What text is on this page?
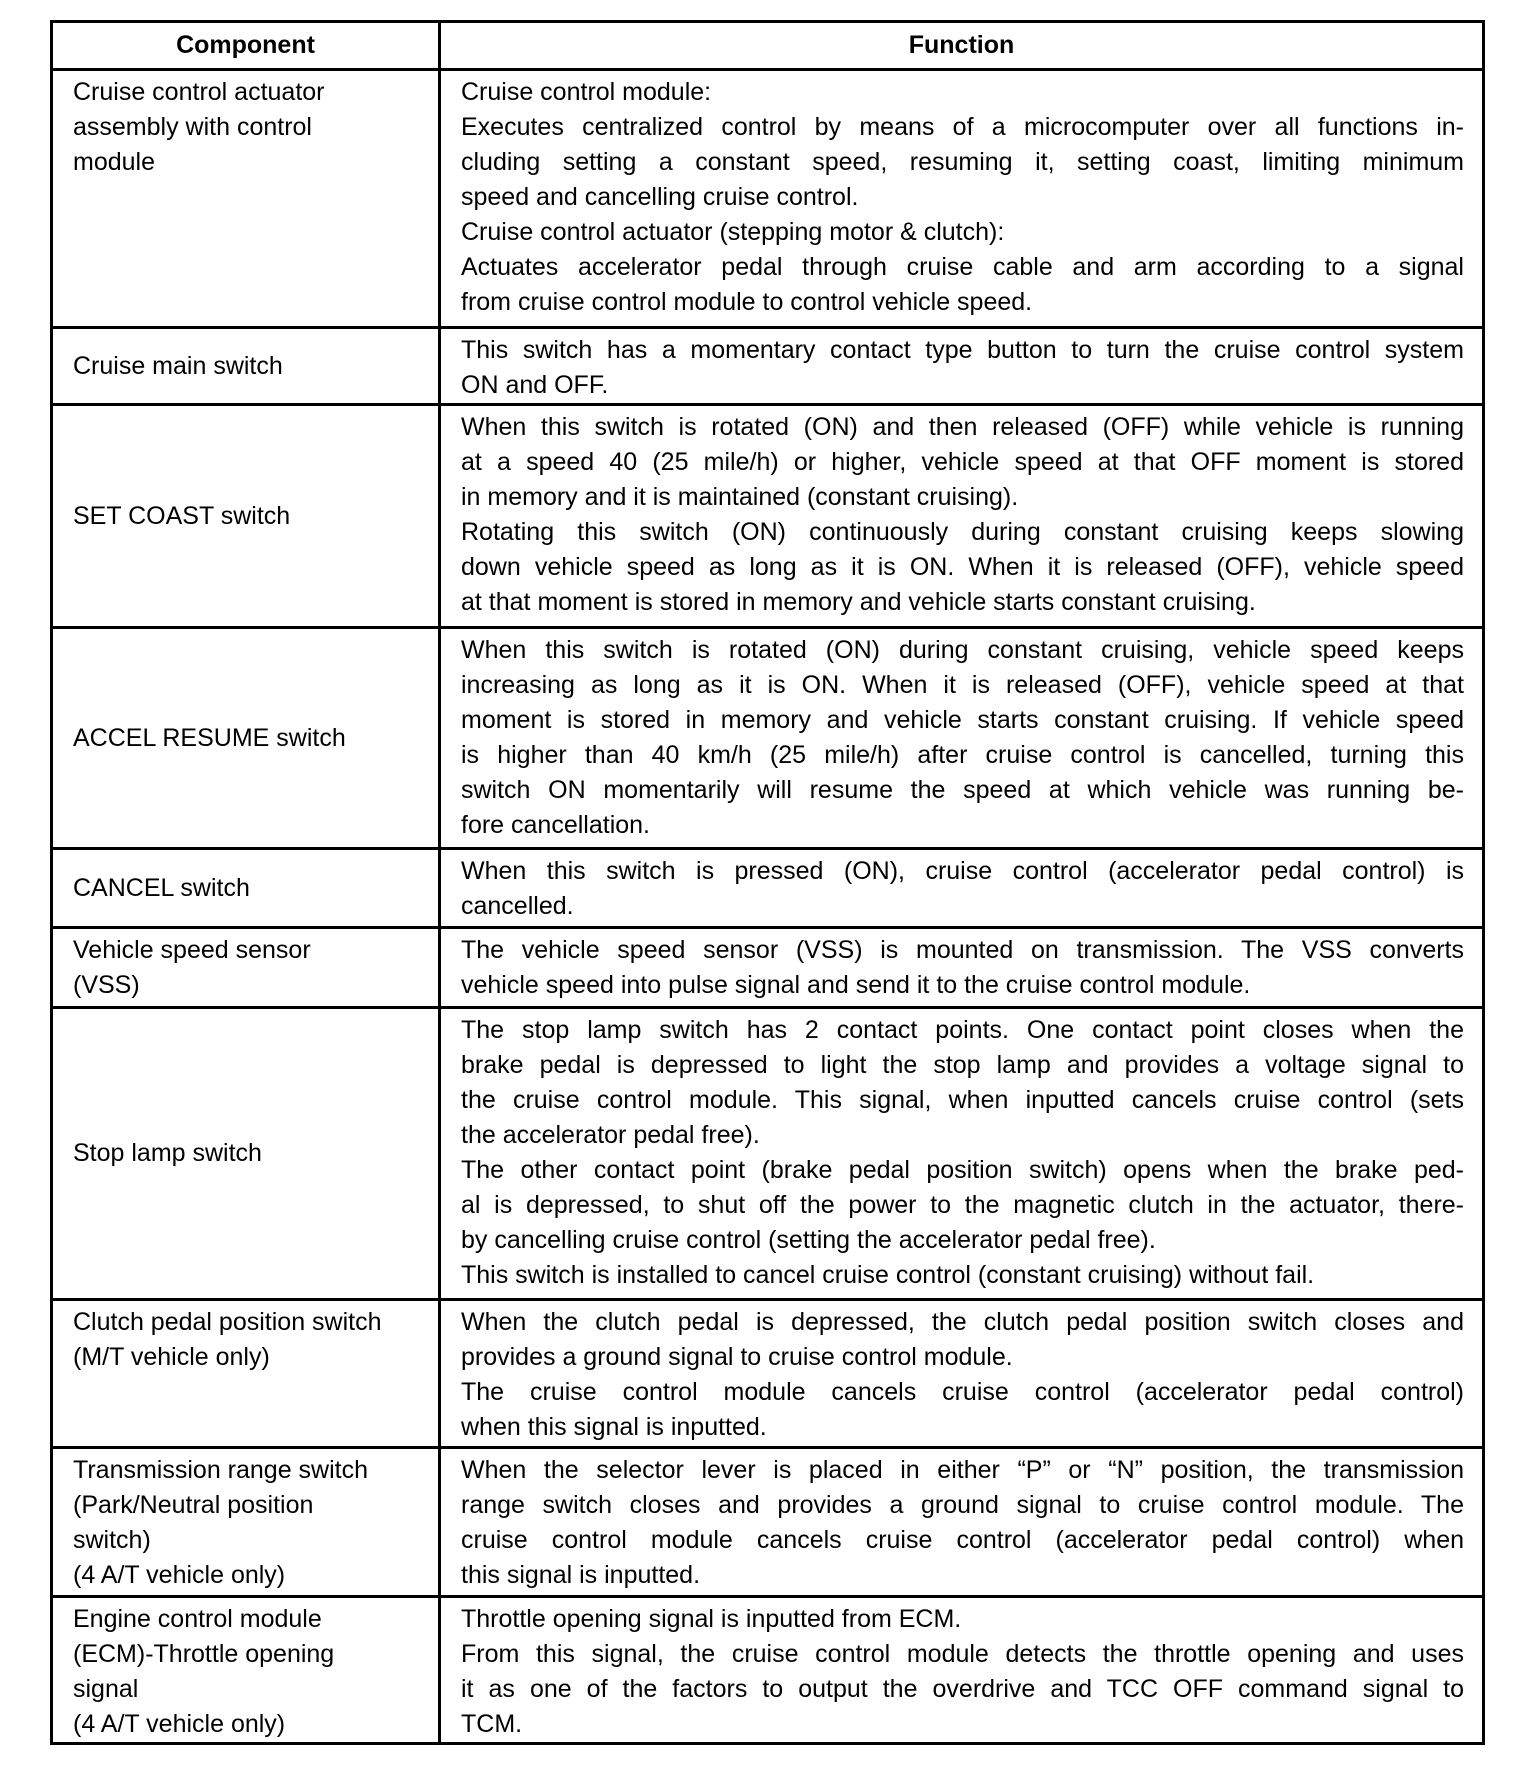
Component	Function
Cruise control actuator
assembly with control
module
Cruise control module:
Executes centralized control by means of a microcomputer over all functions in-
cluding setting a constant speed, resuming it, setting coast, limiting minimum
speed and cancelling cruise control.
Cruise control actuator (stepping motor & clutch):
Actuates accelerator pedal through cruise cable and arm according to a signal
from cruise control module to control vehicle speed.
Cruise main switch
This switch has a momentary contact type button to turn the cruise control system
ON and OFF.
SET COAST switch
When this switch is rotated (ON) and then released (OFF) while vehicle is running
at a speed 40 (25 mile/h) or higher, vehicle speed at that OFF moment is stored
in memory and it is maintained (constant cruising).
Rotating this switch (ON) continuously during constant cruising keeps slowing
down vehicle speed as long as it is ON. When it is released (OFF), vehicle speed
at that moment is stored in memory and vehicle starts constant cruising.
ACCEL RESUME switch
When this switch is rotated (ON) during constant cruising, vehicle speed keeps
increasing as long as it is ON. When it is released (OFF), vehicle speed at that
moment is stored in memory and vehicle starts constant cruising. If vehicle speed
is higher than 40 km/h (25 mile/h) after cruise control is cancelled, turning this
switch ON momentarily will resume the speed at which vehicle was running be-
fore cancellation.
CANCEL switch
When this switch is pressed (ON), cruise control (accelerator pedal control) is
cancelled.
Vehicle speed sensor
(VSS)
The vehicle speed sensor (VSS) is mounted on transmission. The VSS converts
vehicle speed into pulse signal and send it to the cruise control module.
Stop lamp switch
The stop lamp switch has 2 contact points. One contact point closes when the
brake pedal is depressed to light the stop lamp and provides a voltage signal to
the cruise control module. This signal, when inputted cancels cruise control (sets
the accelerator pedal free).
The other contact point (brake pedal position switch) opens when the brake ped-
al is depressed, to shut off the power to the magnetic clutch in the actuator, there-
by cancelling cruise control (setting the accelerator pedal free).
This switch is installed to cancel cruise control (constant cruising) without fail.
Clutch pedal position switch
(M/T vehicle only)
When the clutch pedal is depressed, the clutch pedal position switch closes and
provides a ground signal to cruise control module.
The cruise control module cancels cruise control (accelerator pedal control)
when this signal is inputted.
Transmission range switch
(Park/Neutral position
switch)
(4 A/T vehicle only)
When the selector lever is placed in either “P” or “N” position, the transmission
range switch closes and provides a ground signal to cruise control module. The
cruise control module cancels cruise control (accelerator pedal control) when
this signal is inputted.
Engine control module
(ECM)-Throttle opening
signal
(4 A/T vehicle only)
Throttle opening signal is inputted from ECM.
From this signal, the cruise control module detects the throttle opening and uses
it as one of the factors to output the overdrive and TCC OFF command signal to
TCM.
